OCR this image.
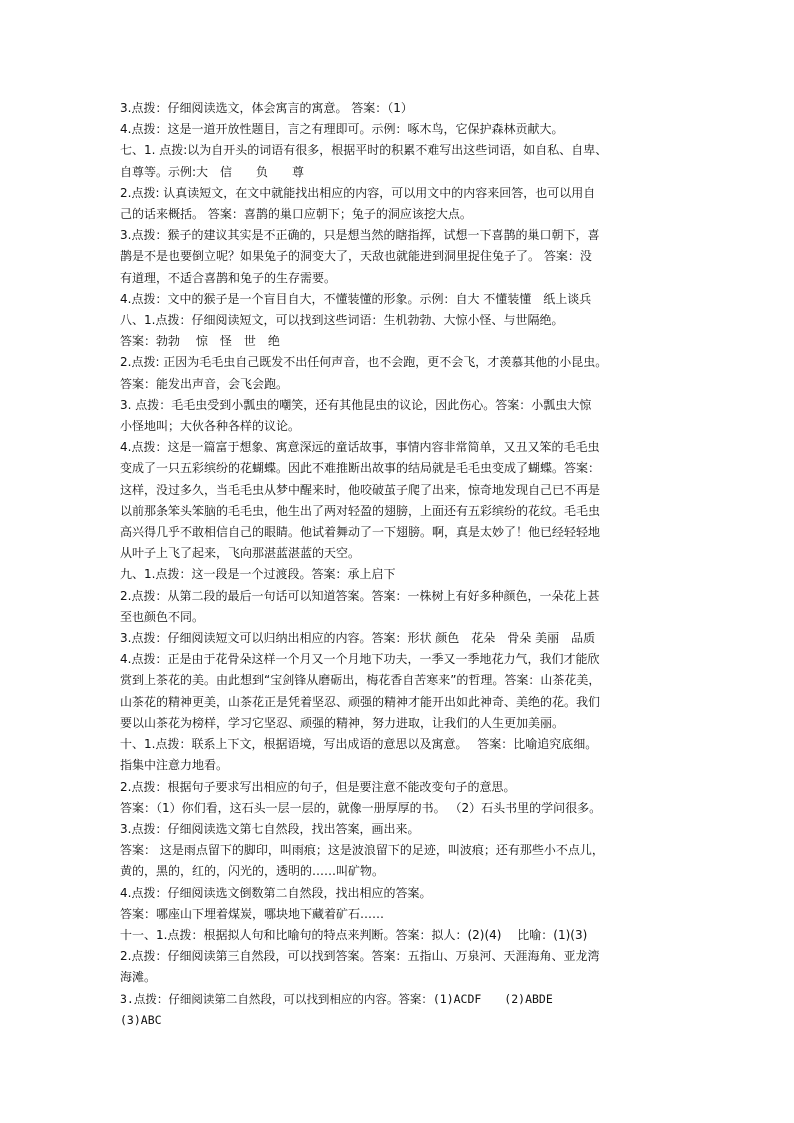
3.点拨：仔细阅读选文，体会寓言的寓意。 答案：（1）
4.点拨：这是一道开放性题目，言之有理即可。示例：啄木鸟，它保护森林贡献大。
七、1. 点拨:以为自开头的词语有很多，根据平时的积累不难写出这些词语，如自私、自卑、
自尊等。示例:大　信　　负　　尊
2.点拨: 认真读短文，在文中就能找出相应的内容，可以用文中的内容来回答，也可以用自
己的话来概括。 答案：喜鹊的巢口应朝下；兔子的洞应该挖大点。
3.点拨：猴子的建议其实是不正确的，只是想当然的瞎指挥，试想一下喜鹊的巢口朝下，喜
鹊是不是也要倒立呢？如果兔子的洞变大了，天敌也就能进到洞里捉住兔子了。 答案：没
有道理，不适合喜鹊和兔子的生存需要。
4.点拨：文中的猴子是一个盲目自大，不懂装懂的形象。示例：自大 不懂装懂　纸上谈兵
八、1.点拨：仔细阅读短文，可以找到这些词语：生机勃勃、大惊小怪、与世隔绝。
答案：勃勃　 惊　怪　世　绝
2.点拨: 正因为毛毛虫自己既发不出任何声音，也不会跑，更不会飞，才羡慕其他的小昆虫。
答案：能发出声音，会飞会跑。
3. 点拨：毛毛虫受到小瓢虫的嘲笑，还有其他昆虫的议论，因此伤心。答案：小瓢虫大惊
小怪地叫；大伙各种各样的议论。
4.点拨：这是一篇富于想象、寓意深远的童话故事，事情内容非常简单，又丑又笨的毛毛虫
变成了一只五彩缤纷的花蝴蝶。因此不难推断出故事的结局就是毛毛虫变成了蝴蝶。答案：
这样，没过多久，当毛毛虫从梦中醒来时，他咬破茧子爬了出来，惊奇地发现自己已不再是
以前那条笨头笨脑的毛毛虫，他生出了两对轻盈的翅膀，上面还有五彩缤纷的花纹。毛毛虫
高兴得几乎不敢相信自己的眼睛。他试着舞动了一下翅膀。啊，真是太妙了！他已经轻轻地
从叶子上飞了起来，飞向那湛蓝湛蓝的天空。
九、1.点拨：这一段是一个过渡段。答案：承上启下
2.点拨：从第二段的最后一句话可以知道答案。答案：一株树上有好多种颜色，一朵花上甚
至也颜色不同。
3.点拨：仔细阅读短文可以归纳出相应的内容。答案：形状 颜色　花朵　骨朵 美丽　品质
4.点拨：正是由于花骨朵这样一个月又一个月地下功夫，一季又一季地花力气，我们才能欣
赏到上茶花的美。由此想到“宝剑锋从磨砺出，梅花香自苦寒来”的哲理。答案：山茶花美，
山茶花的精神更美，山茶花正是凭着坚忍、顽强的精神才能开出如此神奇、美绝的花。我们
要以山茶花为榜样，学习它坚忍、顽强的精神，努力进取，让我们的人生更加美丽。
十、1.点拨：联系上下文，根据语境，写出成语的意思以及寓意。　 答案：比喻追究底细。
指集中注意力地看。
2.点拨：根据句子要求写出相应的句子，但是要注意不能改变句子的意思。
答案：（1）你们看，这石头一层一层的，就像一册厚厚的书。 （2）石头书里的学问很多。
3.点拨：仔细阅读选文第七自然段，找出答案，画出来。
答案： 这是雨点留下的脚印，叫雨痕；这是波浪留下的足迹，叫波痕；还有那些小不点儿，
黄的，黑的，红的，闪光的，透明的……叫矿物。
4.点拨：仔细阅读选文倒数第二自然段，找出相应的答案。
答案：哪座山下埋着煤炭，哪块地下藏着矿石……
十一、1.点拨：根据拟人句和比喻句的特点来判断。答案：拟人：(2)(4)　 比喻：(1)(3)
2.点拨：仔细阅读第三自然段，可以找到答案。答案：五指山、万泉河、天涯海角、亚龙湾
海滩。
3.点拨：仔细阅读第二自然段，可以找到相应的内容。答案：(1)ACDF　　(2)ABDE
(3)ABC
